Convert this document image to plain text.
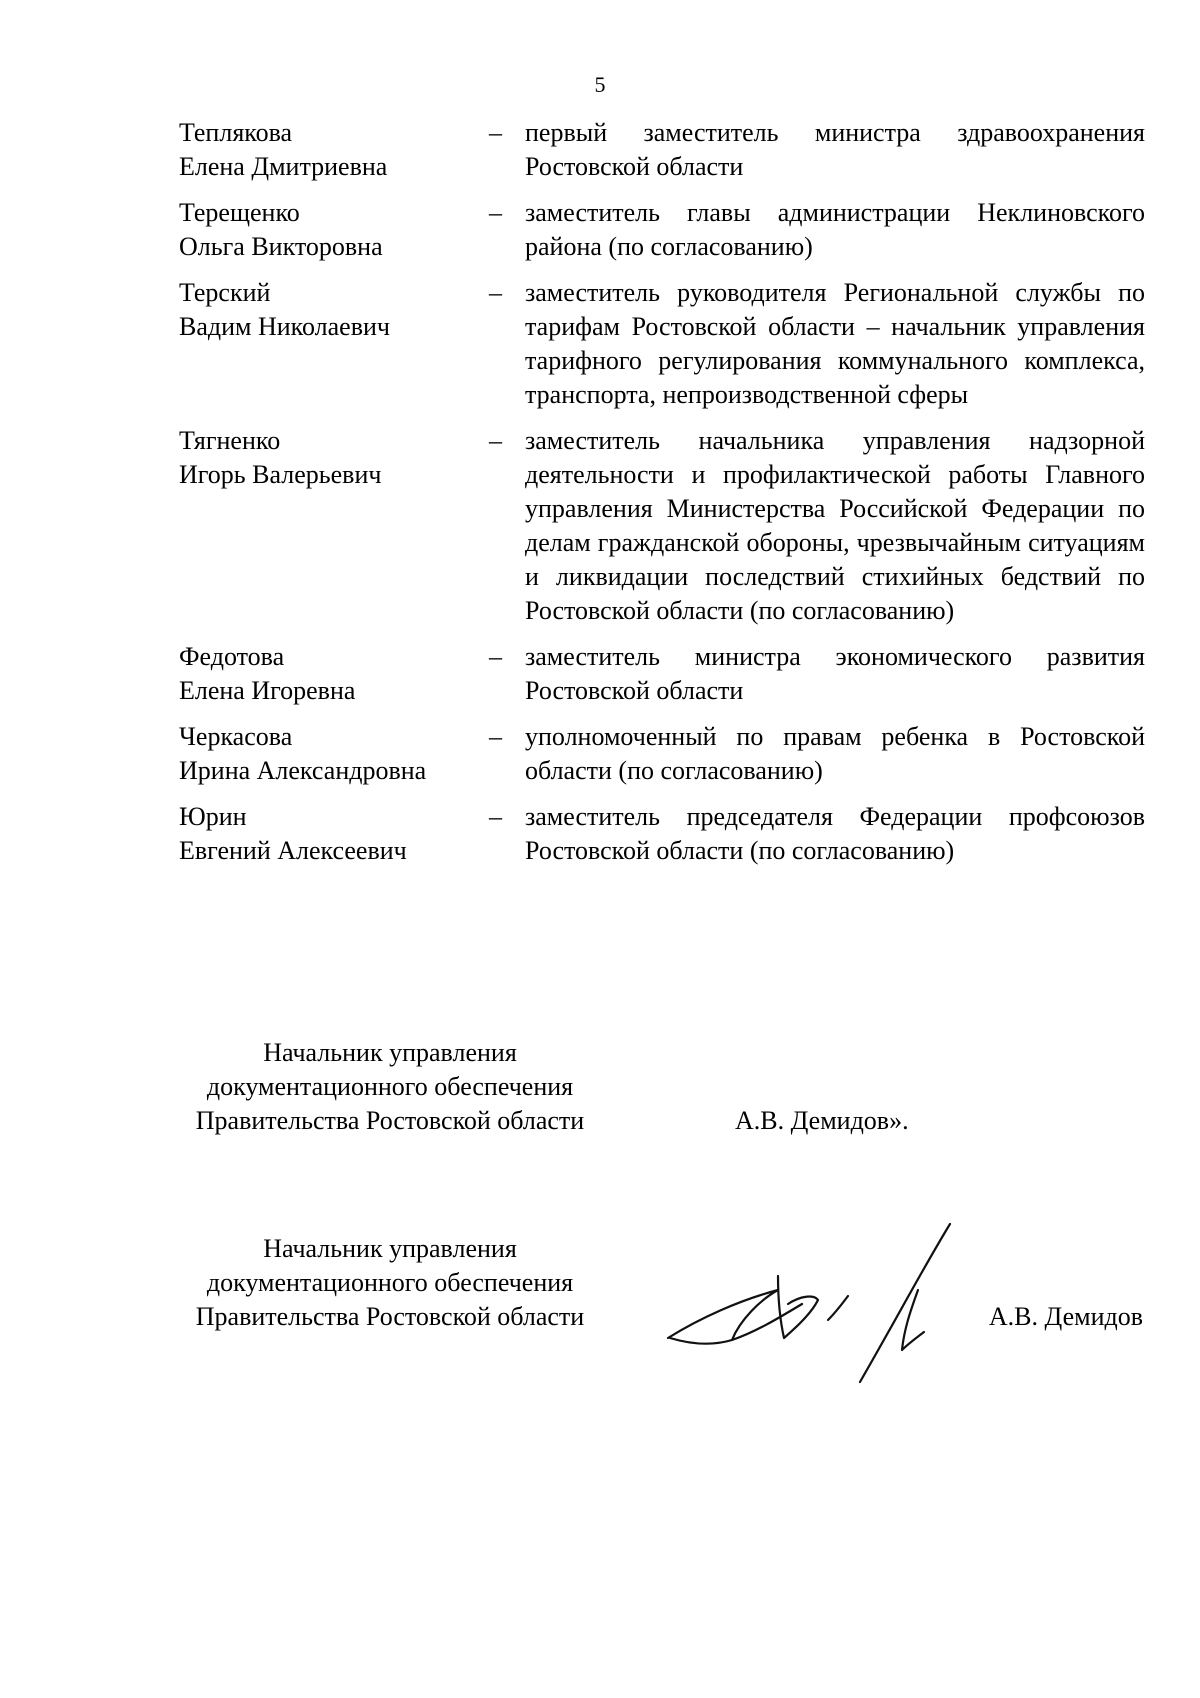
5
Теплякова
Елена Дмитриевна
– первый заместитель министра здравоохранения Ростовской области
Терещенко
Ольга Викторовна
– заместитель главы администрации Неклиновского района (по согласованию)
Терский
Вадим Николаевич
– заместитель руководителя Региональной службы по тарифам Ростовской области – начальник управления тарифного регулирования коммунального комплекса, транспорта, непроизводственной сферы
Тягненко
Игорь Валерьевич
– заместитель начальника управления надзорной деятельности и профилактической работы Главного управления Министерства Российской Федерации по делам гражданской обороны, чрезвычайным ситуациям и ликвидации последствий стихийных бедствий по Ростовской области (по согласованию)
Федотова
Елена Игоревна
– заместитель министра экономического развития Ростовской области
Черкасова
Ирина Александровна
– уполномоченный по правам ребенка в Ростовской области (по согласованию)
Юрин
Евгений Алексеевич
– заместитель председателя Федерации профсоюзов Ростовской области (по согласованию)
Начальник управления
документационного обеспечения
Правительства Ростовской области	А.В. Демидов».
Начальник управления
документационного обеспечения
Правительства Ростовской области	А.В. Демидов
